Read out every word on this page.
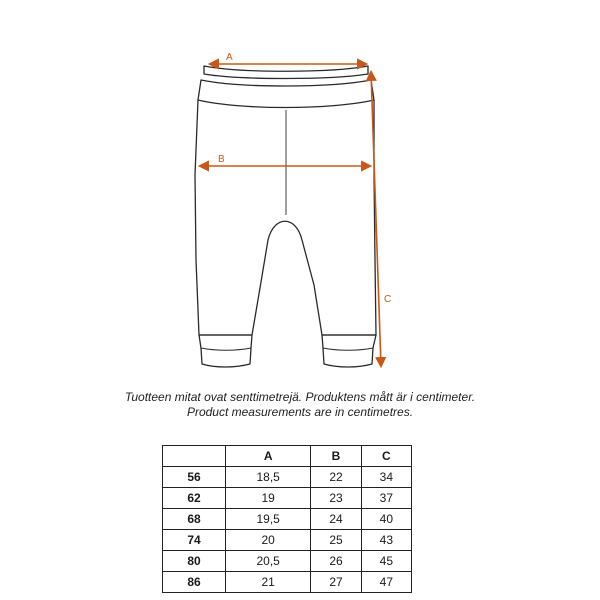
A
B
C
Tuotteen mitat ovat senttimetrejä. Produktens mått är i centimeter.
Product measurements are in centimetres.
	A	B	C
56	18,5	22	34
62	19	23	37
68	19,5	24	40
74	20	25	43
80	20,5	26	45
86	21	27	47
